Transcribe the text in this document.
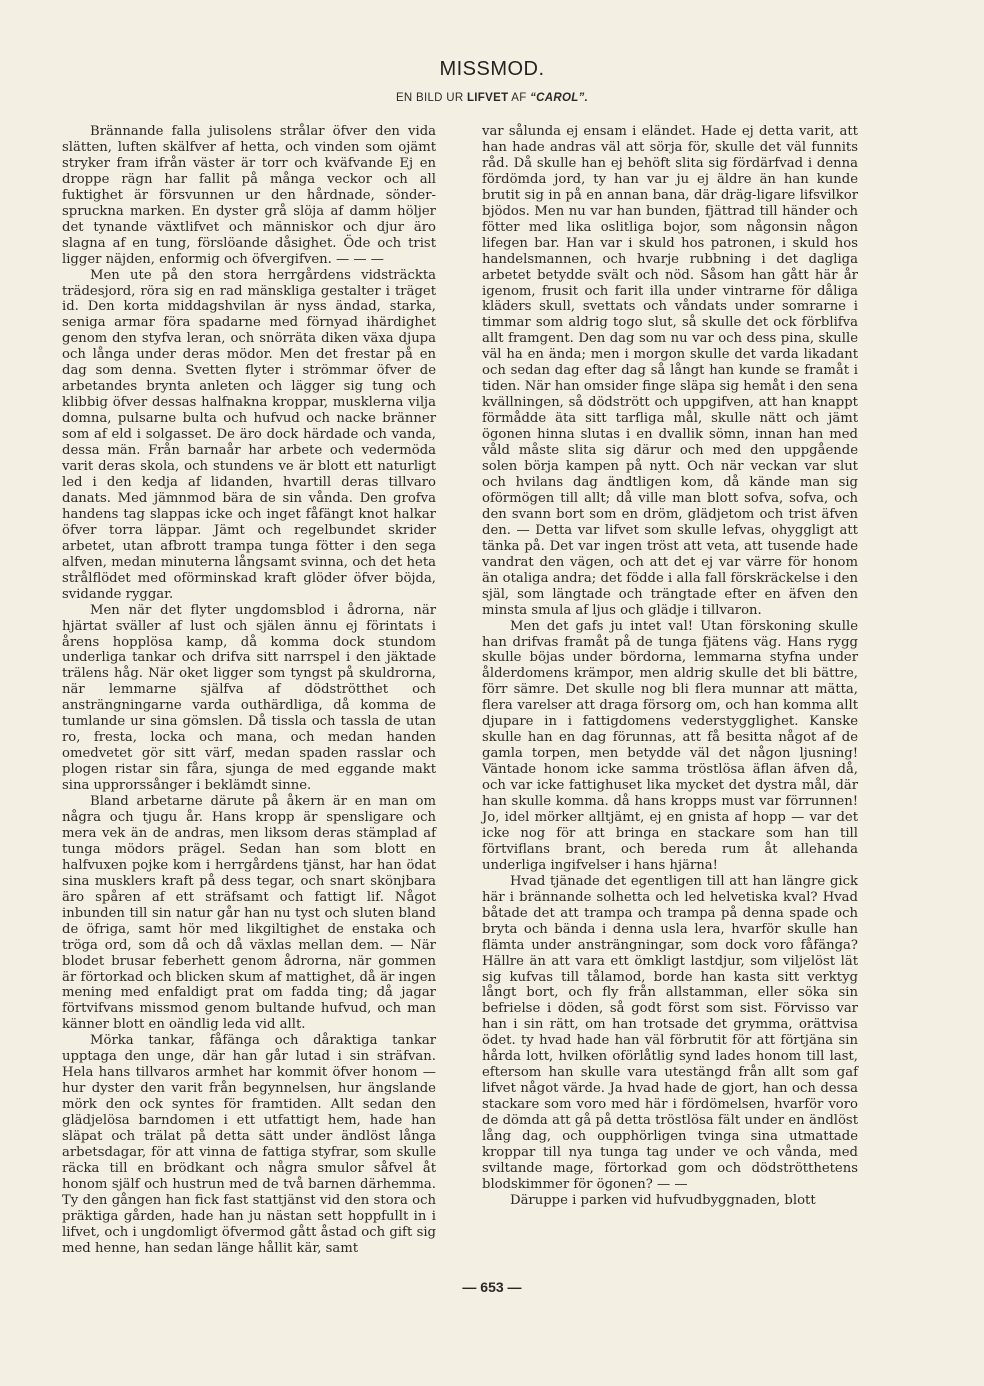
MISSMOD.
EN BILD UR LIFVET AF “CAROL”.

Brännande falla julisolens strålar öfver den vida slätten, luften skälfver af hetta, och vinden som ojämt stryker fram ifrån väster är torr och kväfvande Ej en droppe rägn har fallit på många veckor och all fuktighet är försvunnen ur den hårdnade, sönder-spruckna marken. En dyster grå slöja af damm höljer det tynande växtlifvet och människor och djur äro slagna af en tung, förslöande dåsighet. Öde och trist ligger näjden, enformig och öfvergifven. — — —

Men ute på den stora herrgårdens vidsträckta trädesjord, röra sig en rad mänskliga gestalter i träget id. Den korta middagshvilan är nyss ändad, starka, seniga armar föra spadarne med förnyad ihärdighet genom den styfva leran, och snörräta diken växa djupa och långa under deras mödor. Men det frestar på en dag som denna. Svetten flyter i strömmar öfver de arbetandes brynta anleten och lägger sig tung och klibbig öfver dessas halfnakna kroppar, musklerna vilja domna, pulsarne bulta och hufvud och nacke bränner som af eld i solgasset. De äro dock härdade och vanda, dessa män. Från barnaår har arbete och vedermöda varit deras skola, och stundens ve är blott ett naturligt led i den kedja af lidanden, hvartill deras tillvaro danats. Med jämnmod bära de sin vånda. Den grofva handens tag slappas icke och inget fåfängt knot halkar öfver torra läppar. Jämt och regelbundet skrider arbetet, utan afbrott trampa tunga fötter i den sega alfven, medan minuterna långsamt svinna, och det heta strålflödet med oförminskad kraft glöder öfver böjda, svidande ryggar.

Men när det flyter ungdomsblod i ådrorna, när hjärtat sväller af lust och själen ännu ej förintats i årens hopplösa kamp, då komma dock stundom underliga tankar och drifva sitt narrspel i den jäktade trälens håg. När oket ligger som tyngst på skuldrorna, när lemmarne själfva af dödströtthet och ansträngningarne varda outhärdliga, då komma de tumlande ur sina gömslen. Då tissla och tassla de utan ro, fresta, locka och mana, och medan handen omedvetet gör sitt värf, medan spaden rasslar och plogen ristar sin fåra, sjunga de med eggande makt sina upprorssånger i beklämdt sinne.

Bland arbetarne därute på åkern är en man om några och tjugu år. Hans kropp är spensligare och mera vek än de andras, men liksom deras stämplad af tunga mödors prägel. Sedan han som blott en halfvuxen pojke kom i herrgårdens tjänst, har han ödat sina musklers kraft på dess tegar, och snart skönjbara äro spåren af ett sträfsamt och fattigt lif. Något inbunden till sin natur går han nu tyst och sluten bland de öfriga, samt hör med likgiltighet de enstaka och tröga ord, som då och då växlas mellan dem. — När blodet brusar feberhett genom ådrorna, när gommen är förtorkad och blicken skum af mattighet, då är ingen mening med enfaldigt prat om fadda ting; då jagar förtvifvans missmod genom bultande hufvud, och man känner blott en oändlig leda vid allt.

Mörka tankar, fåfänga och dåraktiga tankar upptaga den unge, där han går lutad i sin sträfvan. Hela hans tillvaros armhet har kommit öfver honom — hur dyster den varit från begynnelsen, hur ängslande mörk den ock syntes för framtiden. Allt sedan den glädjelösa barndomen i ett utfattigt hem, hade han släpat och trälat på detta sätt under ändlöst långa arbetsdagar, för att vinna de fattiga styfrar, som skulle räcka till en brödkant och några smulor såfvel åt honom själf och hustrun med de två barnen därhemma. Ty den gången han fick fast stattjänst vid den stora och präktiga gården, hade han ju nästan sett hoppfullt in i lifvet, och i ungdomligt öfvermod gått åstad och gift sig med henne, han sedan länge hållit kär, samt

var sålunda ej ensam i eländet. Hade ej detta varit, att han hade andras väl att sörja för, skulle det väl funnits råd. Då skulle han ej behöft slita sig fördärfvad i denna fördömda jord, ty han var ju ej äldre än han kunde brutit sig in på en annan bana, där dräg-ligare lifsvilkor bjödos. Men nu var han bunden, fjättrad till händer och fötter med lika oslitliga bojor, som någonsin någon lifegen bar. Han var i skuld hos patronen, i skuld hos handelsmannen, och hvarje rubbning i det dagliga arbetet betydde svält och nöd. Såsom han gått här år igenom, frusit och farit illa under vintrarne för dåliga kläders skull, svettats och våndats under somrarne i timmar som aldrig togo slut, så skulle det ock förblifva allt framgent. Den dag som nu var och dess pina, skulle väl ha en ända; men i morgon skulle det varda likadant och sedan dag efter dag så långt han kunde se framåt i tiden. När han omsider finge släpa sig hemåt i den sena kvällningen, så dödstrött och uppgifven, att han knappt förmådde äta sitt tarfliga mål, skulle nätt och jämt ögonen hinna slutas i en dvallik sömn, innan han med våld måste slita sig därur och med den uppgående solen börja kampen på nytt. Och när veckan var slut och hvilans dag ändtligen kom, då kände man sig oförmögen till allt; då ville man blott sofva, sofva, och den svann bort som en dröm, glädjetom och trist äfven den. — Detta var lifvet som skulle lefvas, ohyggligt att tänka på. Det var ingen tröst att veta, att tusende hade vandrat den vägen, och att det ej var värre för honom än otaliga andra; det födde i alla fall förskräckelse i den själ, som längtade och trängtade efter en äfven den minsta smula af ljus och glädje i tillvaron.

Men det gafs ju intet val! Utan förskoning skulle han drifvas framåt på de tunga fjätens väg. Hans rygg skulle böjas under bördorna, lemmarna styfna under ålderdomens krämpor, men aldrig skulle det bli bättre, förr sämre. Det skulle nog bli flera munnar att mätta, flera varelser att draga försorg om, och han komma allt djupare in i fattigdomens vederstygglighet. Kanske skulle han en dag förunnas, att få besitta något af de gamla torpen, men betydde väl det någon ljusning! Väntade honom icke samma tröstlösa äflan äfven då, och var icke fattighuset lika mycket det dystra mål, där han skulle komma. då hans kropps must var förrunnen! Jo, idel mörker alltjämt, ej en gnista af hopp — var det icke nog för att bringa en stackare som han till förtviflans brant, och bereda rum åt allehanda underliga ingifvelser i hans hjärna!

Hvad tjänade det egentligen till att han längre gick här i brännande solhetta och led helvetiska kval? Hvad båtade det att trampa och trampa på denna spade och bryta och bända i denna usla lera, hvarför skulle han flämta under ansträngningar, som dock voro fåfänga? Hällre än att vara ett ömkligt lastdjur, som viljelöst lät sig kufvas till tålamod, borde han kasta sitt verktyg långt bort, och fly från allstamman, eller söka sin befrielse i döden, så godt först som sist. Förvisso var han i sin rätt, om han trotsade det grymma, orättvisa ödet. ty hvad hade han väl förbrutit för att förtjäna sin hårda lott, hvilken oförlåtlig synd lades honom till last, eftersom han skulle vara utestängd från allt som gaf lifvet något värde. Ja hvad hade de gjort, han och dessa stackare som voro med här i fördömelsen, hvarför voro de dömda att gå på detta tröstlösa fält under en ändlöst lång dag, och oupphörligen tvinga sina utmattade kroppar till nya tunga tag under ve och vånda, med sviltande mage, förtorkad gom och dödströtthetens blodskimmer för ögonen? — —

Däruppe i parken vid hufvudbyggnaden, blott

— 653 —
